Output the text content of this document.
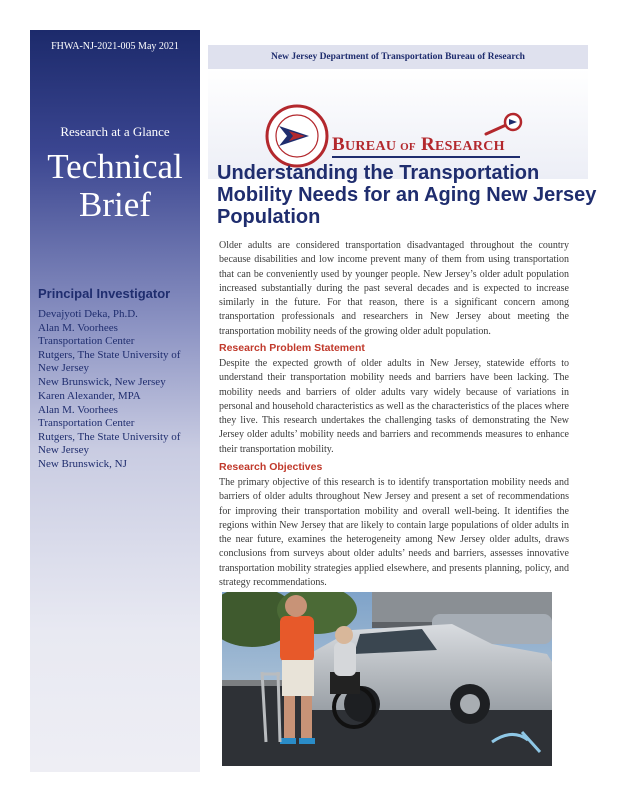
FHWA-NJ-2021-005 May 2021
Research at a Glance
Technical
Brief
Principal Investigator
Devajyoti Deka, Ph.D.
Alan M. Voorhees
Transportation Center
Rutgers, The State University of
New Jersey
New Brunswick, New Jersey
Karen Alexander, MPA
Alan M. Voorhees
Transportation Center
Rutgers, The State University of
New Jersey
New Brunswick, NJ
New Jersey Department of Transportation Bureau of Research
BUREAU OF RESEARCH
Understanding the Transportation Mobility Needs for an Aging New Jersey Population

Older adults are considered transportation disadvantaged throughout the country because disabilities and low income prevent many of them from using transportation that can be conveniently used by younger people. New Jersey’s older adult population increased substantially during the past several decades and is expected to increase similarly in the future. For that reason, there is a significant concern among transportation professionals and researchers in New Jersey about meeting the transportation mobility needs of the growing older adult population.

Research Problem Statement

Despite the expected growth of older adults in New Jersey, statewide efforts to understand their transportation mobility needs and barriers have been lacking. The mobility needs and barriers of older adults vary widely because of variations in personal and household characteristics as well as the characteristics of the places where they live. This research undertakes the challenging tasks of demonstrating the New Jersey older adults’ mobility needs and barriers and recommends measures to enhance their transportation mobility.

Research Objectives

The primary objective of this research is to identify transportation mobility needs and barriers of older adults throughout New Jersey and present a set of recommendations for improving their transportation mobility and overall well-being. It identifies the regions within New Jersey that are likely to contain large populations of older adults in the near future, examines the heterogeneity among New Jersey older adults, draws conclusions from surveys about older adults’ needs and barriers, assesses innovative transportation mobility strategies applied elsewhere, and presents planning, policy, and strategy recommendations.
